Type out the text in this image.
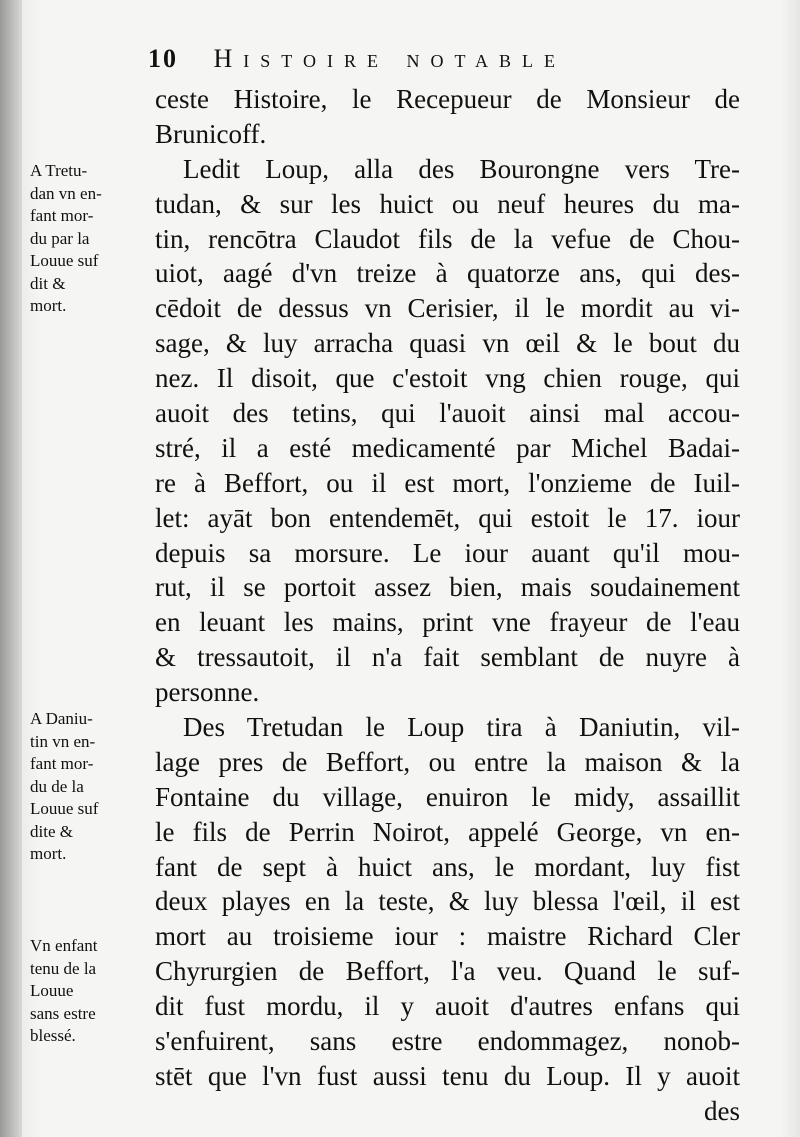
10 Histoire notable
ceste Histoire, le Recepueur de Monsieur de
Brunicoff.
Ledit Loup, alla des Bourongne vers Tre-
tudan, & sur les huict ou neuf heures du ma-
tin, rencōtra Claudot fils de la vefue de Chou-
uiot, aagé d'vn treize à quatorze ans, qui des-
cēdoit de dessus vn Cerisier, il le mordit au vi-
sage, & luy arracha quasi vn œil & le bout du
nez. Il disoit, que c'estoit vng chien rouge, qui
auoit des tetins, qui l'auoit ainsi mal accou-
stré, il a esté medicamenté par Michel Badai-
re à Beffort, ou il est mort, l'onzieme de Iuil-
let: ayāt bon entendemēt, qui estoit le 17. iour
depuis sa morsure. Le iour auant qu'il mou-
rut, il se portoit assez bien, mais soudainement
en leuant les mains, print vne frayeur de l'eau
& tressautoit, il n'a fait semblant de nuyre à
personne.
Des Tretudan le Loup tira à Daniutin, vil-
lage pres de Beffort, ou entre la maison & la
Fontaine du village, enuiron le midy, assaillit
le fils de Perrin Noirot, appelé George, vn en-
fant de sept à huict ans, le mordant, luy fist
deux playes en la teste, & luy blessa l'œil, il est
mort au troisieme iour : maistre Richard Cler
Chyrurgien de Beffort, l'a veu. Quand le suf-
dit fust mordu, il y auoit d'autres enfans qui
s'enfuirent, sans estre endommagez, nonob-
stēt que l'vn fust aussi tenu du Loup. Il y auoit
des
A Tretu-
dan vn en-
fant mor-
du par la
Louue suf
dit &
mort.
A Daniu-
tin vn en-
fant mor-
du de la
Louue suf
dite &
mort.
Vn enfant
tenu de la
Louue
sans estre
blessé.
